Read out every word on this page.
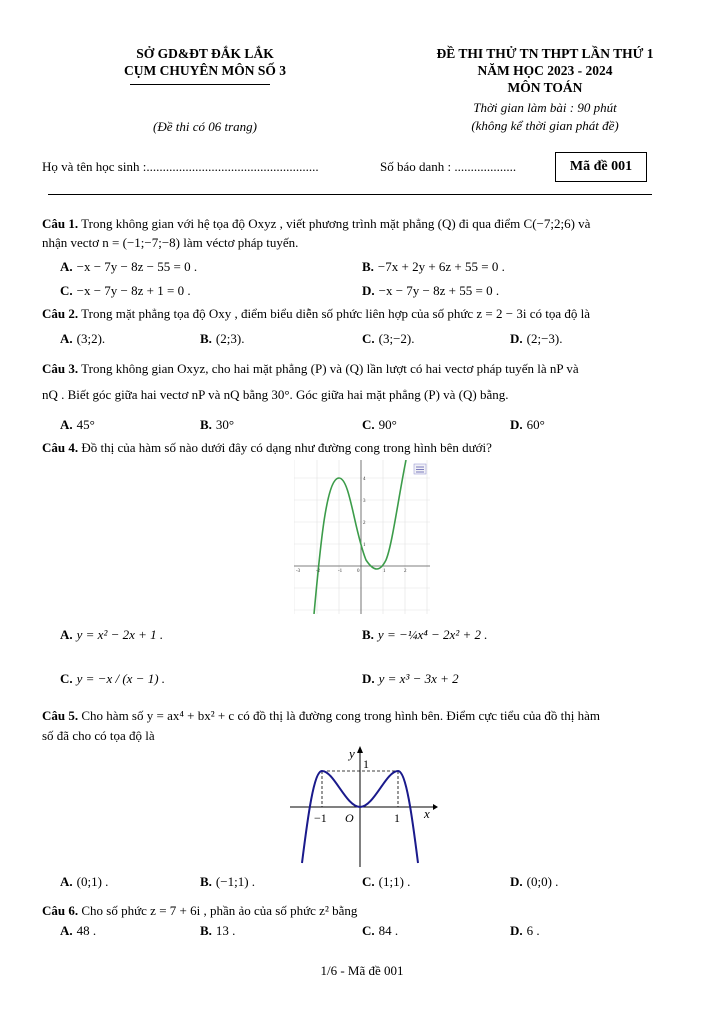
SỞ GD&ĐT ĐẮK LẮK
CỤM CHUYÊN MÔN SỐ 3
(Đề thi có 06 trang)
ĐỀ THI THỬ TN THPT LẦN THỨ 1
NĂM HỌC 2023 - 2024
MÔN TOÁN
Thời gian làm bài : 90 phút
(không kể thời gian phát đề)
Họ và tên học sinh :.....................................................	Số báo danh : ...................	Mã đề 001
Câu 1. Trong không gian với hệ tọa độ Oxyz , viết phương trình mặt phẳng (Q) đi qua điểm C(−7;2;6) và
nhận vectơ n = (−1;−7;−8) làm véctơ pháp tuyến.
A. −x − 7y − 8z − 55 = 0 .	B. −7x + 2y + 6z + 55 = 0 .
C. −x − 7y − 8z + 1 = 0 .	D. −x − 7y − 8z + 55 = 0 .
Câu 2. Trong mặt phẳng tọa độ Oxy , điểm biểu diễn số phức liên hợp của số phức z = 2 − 3i có tọa độ là
A. (3;2).	B. (2;3).	C. (3;−2).	D. (2;−3).
Câu 3. Trong không gian Oxyz, cho hai mặt phẳng (P) và (Q) lần lượt có hai vectơ pháp tuyến là nP và
nQ . Biết góc giữa hai vectơ nP và nQ bằng 30°. Góc giữa hai mặt phẳng (P) và (Q) bằng.
A. 45°	B. 30°	C. 90°	D. 60°
Câu 4. Đồ thị của hàm số nào dưới đây có dạng như đường cong trong hình bên dưới?
-3	-2	-1	0	1	2
4
3
2
1
A. y = x² − 2x + 1 .	B. y = −¼x⁴ − 2x² + 2 .
C. y = −x / (x − 1) .	D. y = x³ − 3x + 2
Câu 5. Cho hàm số y = ax⁴ + bx² + c có đồ thị là đường cong trong hình bên. Điểm cực tiểu của đồ thị hàm
số đã cho có tọa độ là
y
1
−1 O	1 x
A. (0;1) .	B. (−1;1) .	C. (1;1) .	D. (0;0) .
Câu 6. Cho số phức z = 7 + 6i , phần ảo của số phức z² bằng
A. 48 .	B. 13 .	C. 84 .	D. 6 .
1/6 - Mã đề 001
